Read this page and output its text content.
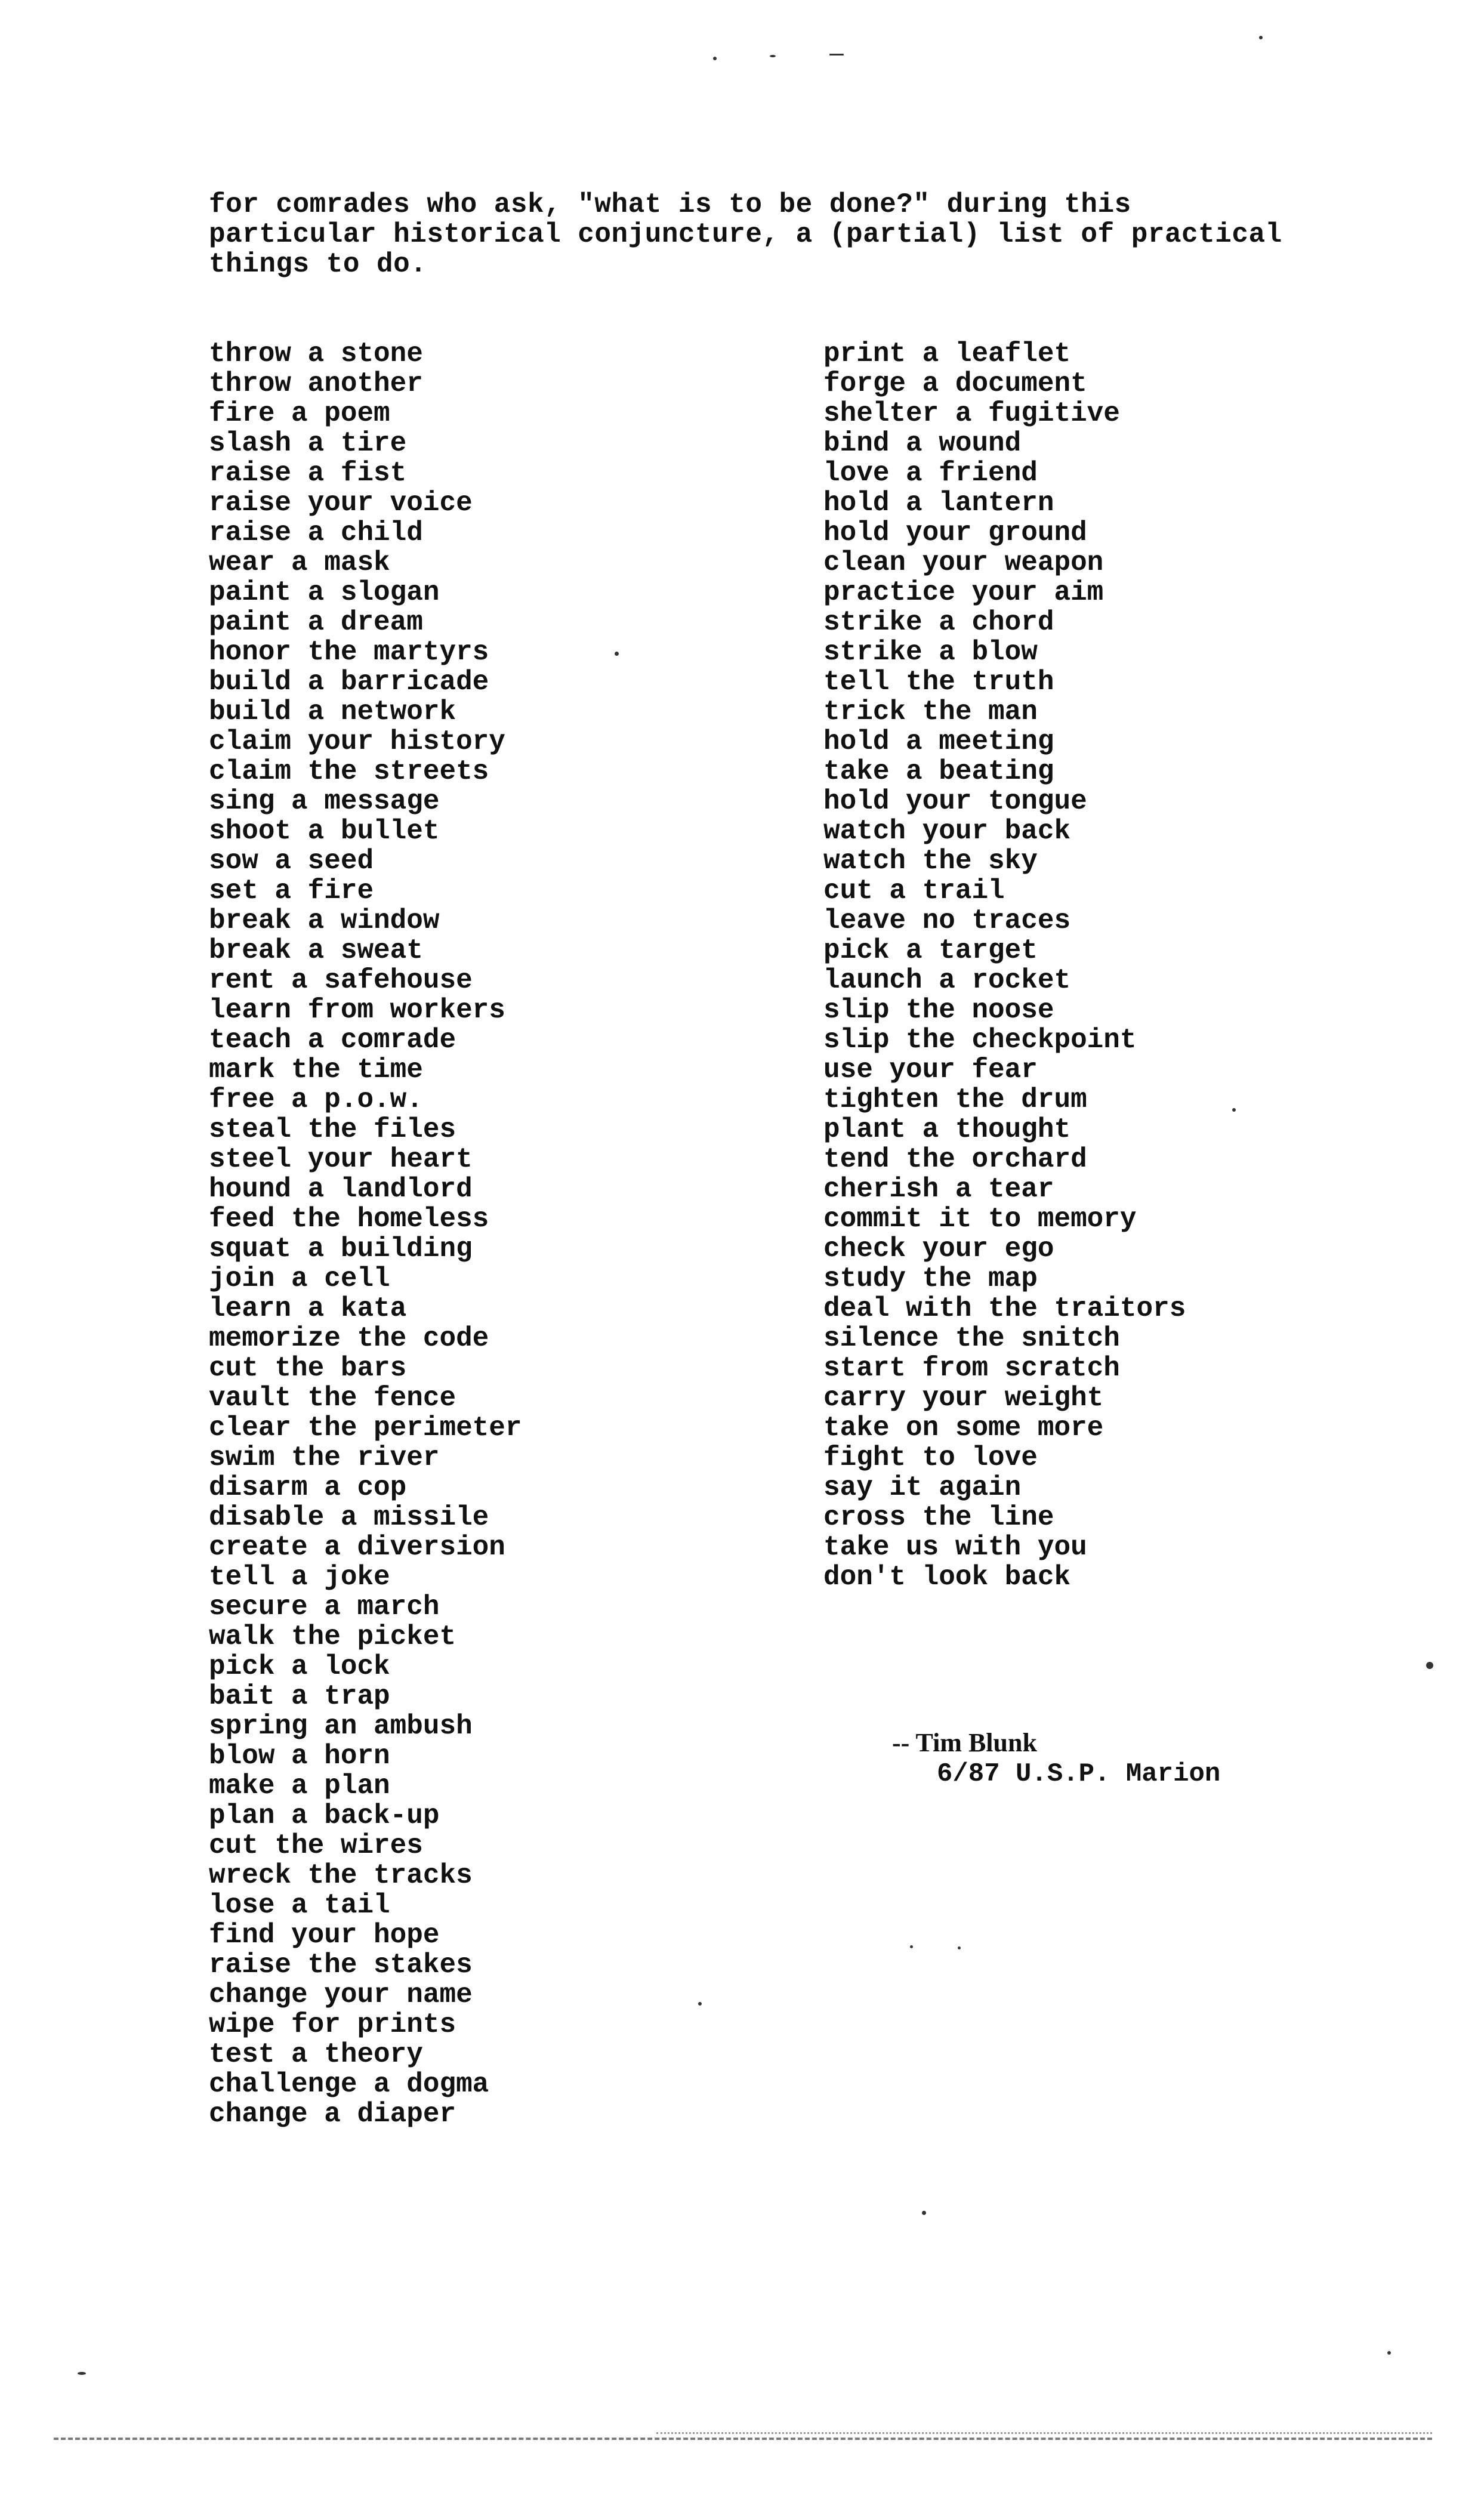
for comrades who ask, "what is to be done?" during this
particular historical conjuncture, a (partial) list of practical
things to do.
throw a stone
throw another
fire a poem
slash a tire
raise a fist
raise your voice
raise a child
wear a mask
paint a slogan
paint a dream
honor the martyrs
build a barricade
build a network
claim your history
claim the streets
sing a message
shoot a bullet
sow a seed
set a fire
break a window
break a sweat
rent a safehouse
learn from workers
teach a comrade
mark the time
free a p.o.w.
steal the files
steel your heart
hound a landlord
feed the homeless
squat a building
join a cell
learn a kata
memorize the code
cut the bars
vault the fence
clear the perimeter
swim the river
disarm a cop
disable a missile
create a diversion
tell a joke
secure a march
walk the picket
pick a lock
bait a trap
spring an ambush
blow a horn
make a plan
plan a back-up
cut the wires
wreck the tracks
lose a tail
find your hope
raise the stakes
change your name
wipe for prints
test a theory
challenge a dogma
change a diaper
print a leaflet
forge a document
shelter a fugitive
bind a wound
love a friend
hold a lantern
hold your ground
clean your weapon
practice your aim
strike a chord
strike a blow
tell the truth
trick the man
hold a meeting
take a beating
hold your tongue
watch your back
watch the sky
cut a trail
leave no traces
pick a target
launch a rocket
slip the noose
slip the checkpoint
use your fear
tighten the drum
plant a thought
tend the orchard
cherish a tear
commit it to memory
check your ego
study the map
deal with the traitors
silence the snitch
start from scratch
carry your weight
take on some more
fight to love
say it again
cross the line
take us with you
don't look back
-- Tim Blunk
6/87 U.S.P. Marion
